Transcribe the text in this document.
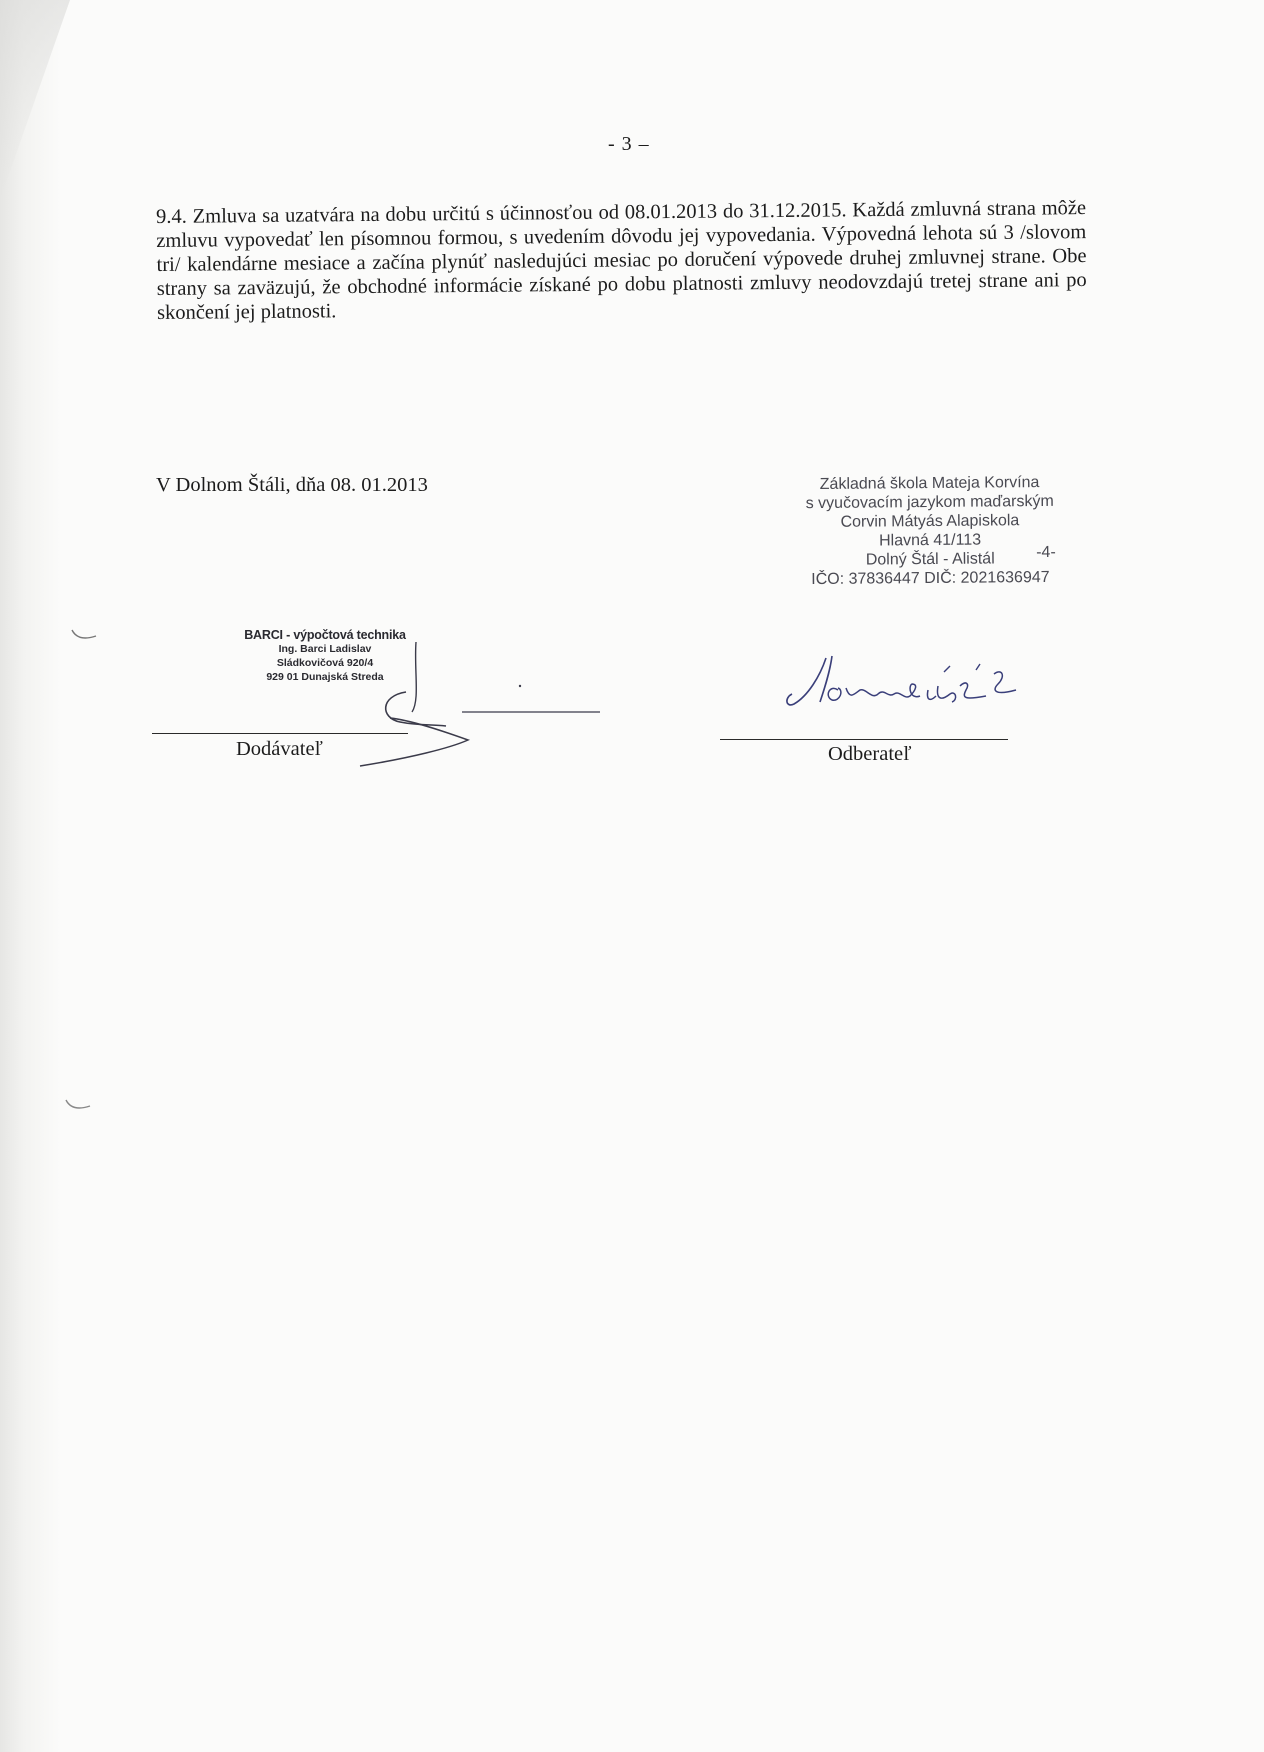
- 3 –

9.4. Zmluva sa uzatvára na dobu určitú s účinnosťou od 08.01.2013 do 31.12.2015. Každá zmluvná strana môže zmluvu vypovedať len písomnou formou, s uvedením dôvodu jej vypovedania. Výpovedná lehota sú 3 /slovom tri/ kalendárne mesiace a začína plynúť nasledujúci mesiac po doručení výpovede druhej zmluvnej strane. Obe strany sa zaväzujú, že obchodné informácie získané po dobu platnosti zmluvy neodovzdajú tretej strane ani po skončení jej platnosti.

V Dolnom Štáli, dňa 08. 01.2013	Základná škola Mateja Korvína
s vyučovacím jazykom maďarským
Corvin Mátyás Alapiskola
Hlavná 41/113
Dolný Štál - Alistál
IČO: 37836447 DIČ: 2021636947
-4-
BARCI - výpočtová technika
Ing. Barci Ladislav
Sládkovičová 920/4
929 01 Dunajská Streda
Dodávateľ	Odberateľ
